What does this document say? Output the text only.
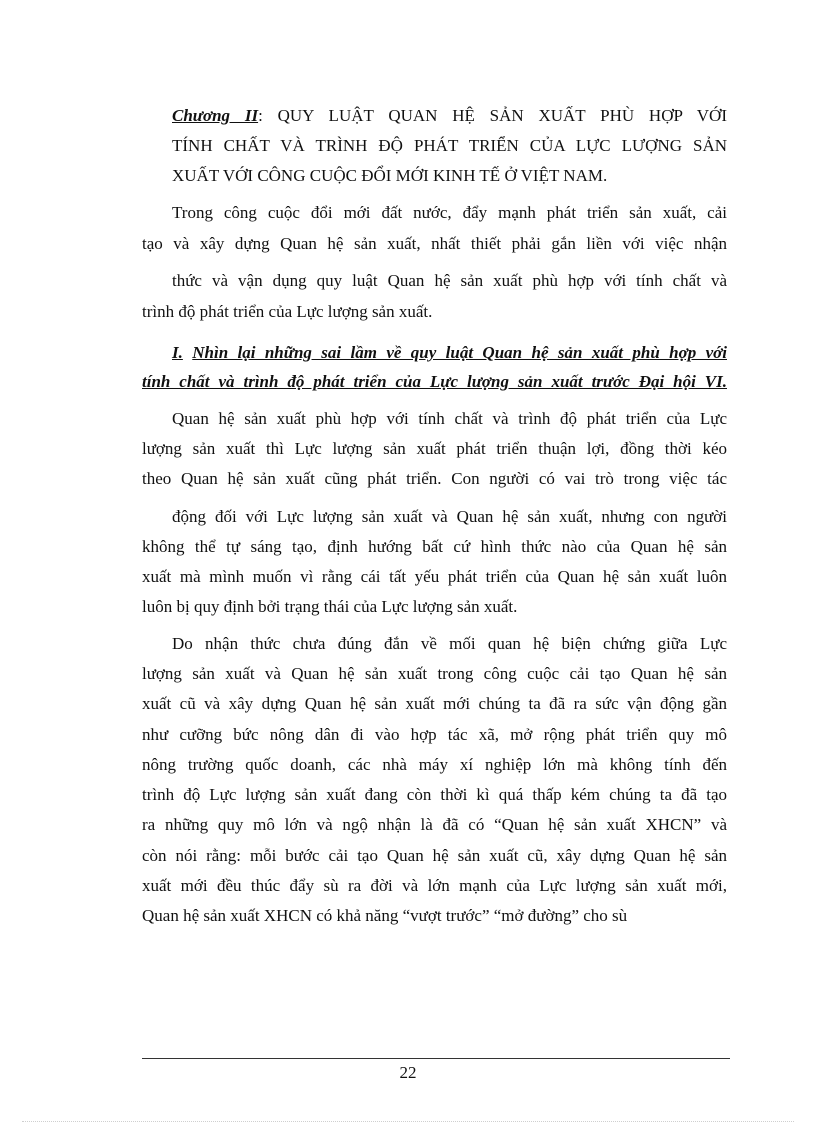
Chương II: QUY LUẬT QUAN HỆ SẢN XUẤT PHÙ HỢP VỚI
TÍNH CHẤT VÀ TRÌNH ĐỘ PHÁT TRIỂN CỦA LỰC LƯỢNG SẢN
XUẤT VỚI CÔNG CUỘC ĐỔI MỚI KINH TẾ Ở VIỆT NAM.
Trong công cuộc đổi mới đất nước, đẩy mạnh phát triển sản xuất, cải
tạo và xây dựng Quan hệ sản xuất, nhất thiết phải gắn liền với việc nhận
thức và vận dụng quy luật Quan hệ sản xuất phù hợp với tính chất và
trình độ phát triển của Lực lượng sản xuất.
I. Nhìn lại những sai lầm về quy luật Quan hệ sản xuất phù hợp với
tính chất và trình độ phát triển của Lực lượng sản xuất trước Đại hội VI.
Quan hệ sản xuất phù hợp với tính chất và trình độ phát triển của Lực
lượng sản xuất thì Lực lượng sản xuất phát triển thuận lợi, đồng thời kéo
theo Quan hệ sản xuất cũng phát triển. Con người có vai trò trong việc tác
động đối với Lực lượng sản xuất và Quan hệ sản xuất, nhưng con người
không thể tự sáng tạo, định hướng bất cứ hình thức nào của Quan hệ sản
xuất mà mình muốn vì rằng cái tất yếu phát triển của Quan hệ sản xuất luôn
luôn bị quy định bởi trạng thái của Lực lượng sản xuất.
Do nhận thức chưa đúng đắn về mối quan hệ biện chứng giữa Lực
lượng sản xuất và Quan hệ sản xuất trong công cuộc cải tạo Quan hệ sản
xuất cũ và xây dựng Quan hệ sản xuất mới chúng ta đã ra sức vận động gần
như cưỡng bức nông dân đi vào hợp tác xã, mở rộng phát triển quy mô
nông trường quốc doanh, các nhà máy xí nghiệp lớn mà không tính đến
trình độ Lực lượng sản xuất đang còn thời kì quá thấp kém chúng ta đã tạo
ra những quy mô lớn và ngộ nhận là đã có “Quan hệ sản xuất XHCN” và
còn nói rằng: mỗi bước cải tạo Quan hệ sản xuất cũ, xây dựng Quan hệ sản
xuất mới đều thúc đẩy sù ra đời và lớn mạnh của Lực lượng sản xuất mới,
Quan hệ sản xuất XHCN có khả năng “vượt trước” “mở đường” cho sù
22
